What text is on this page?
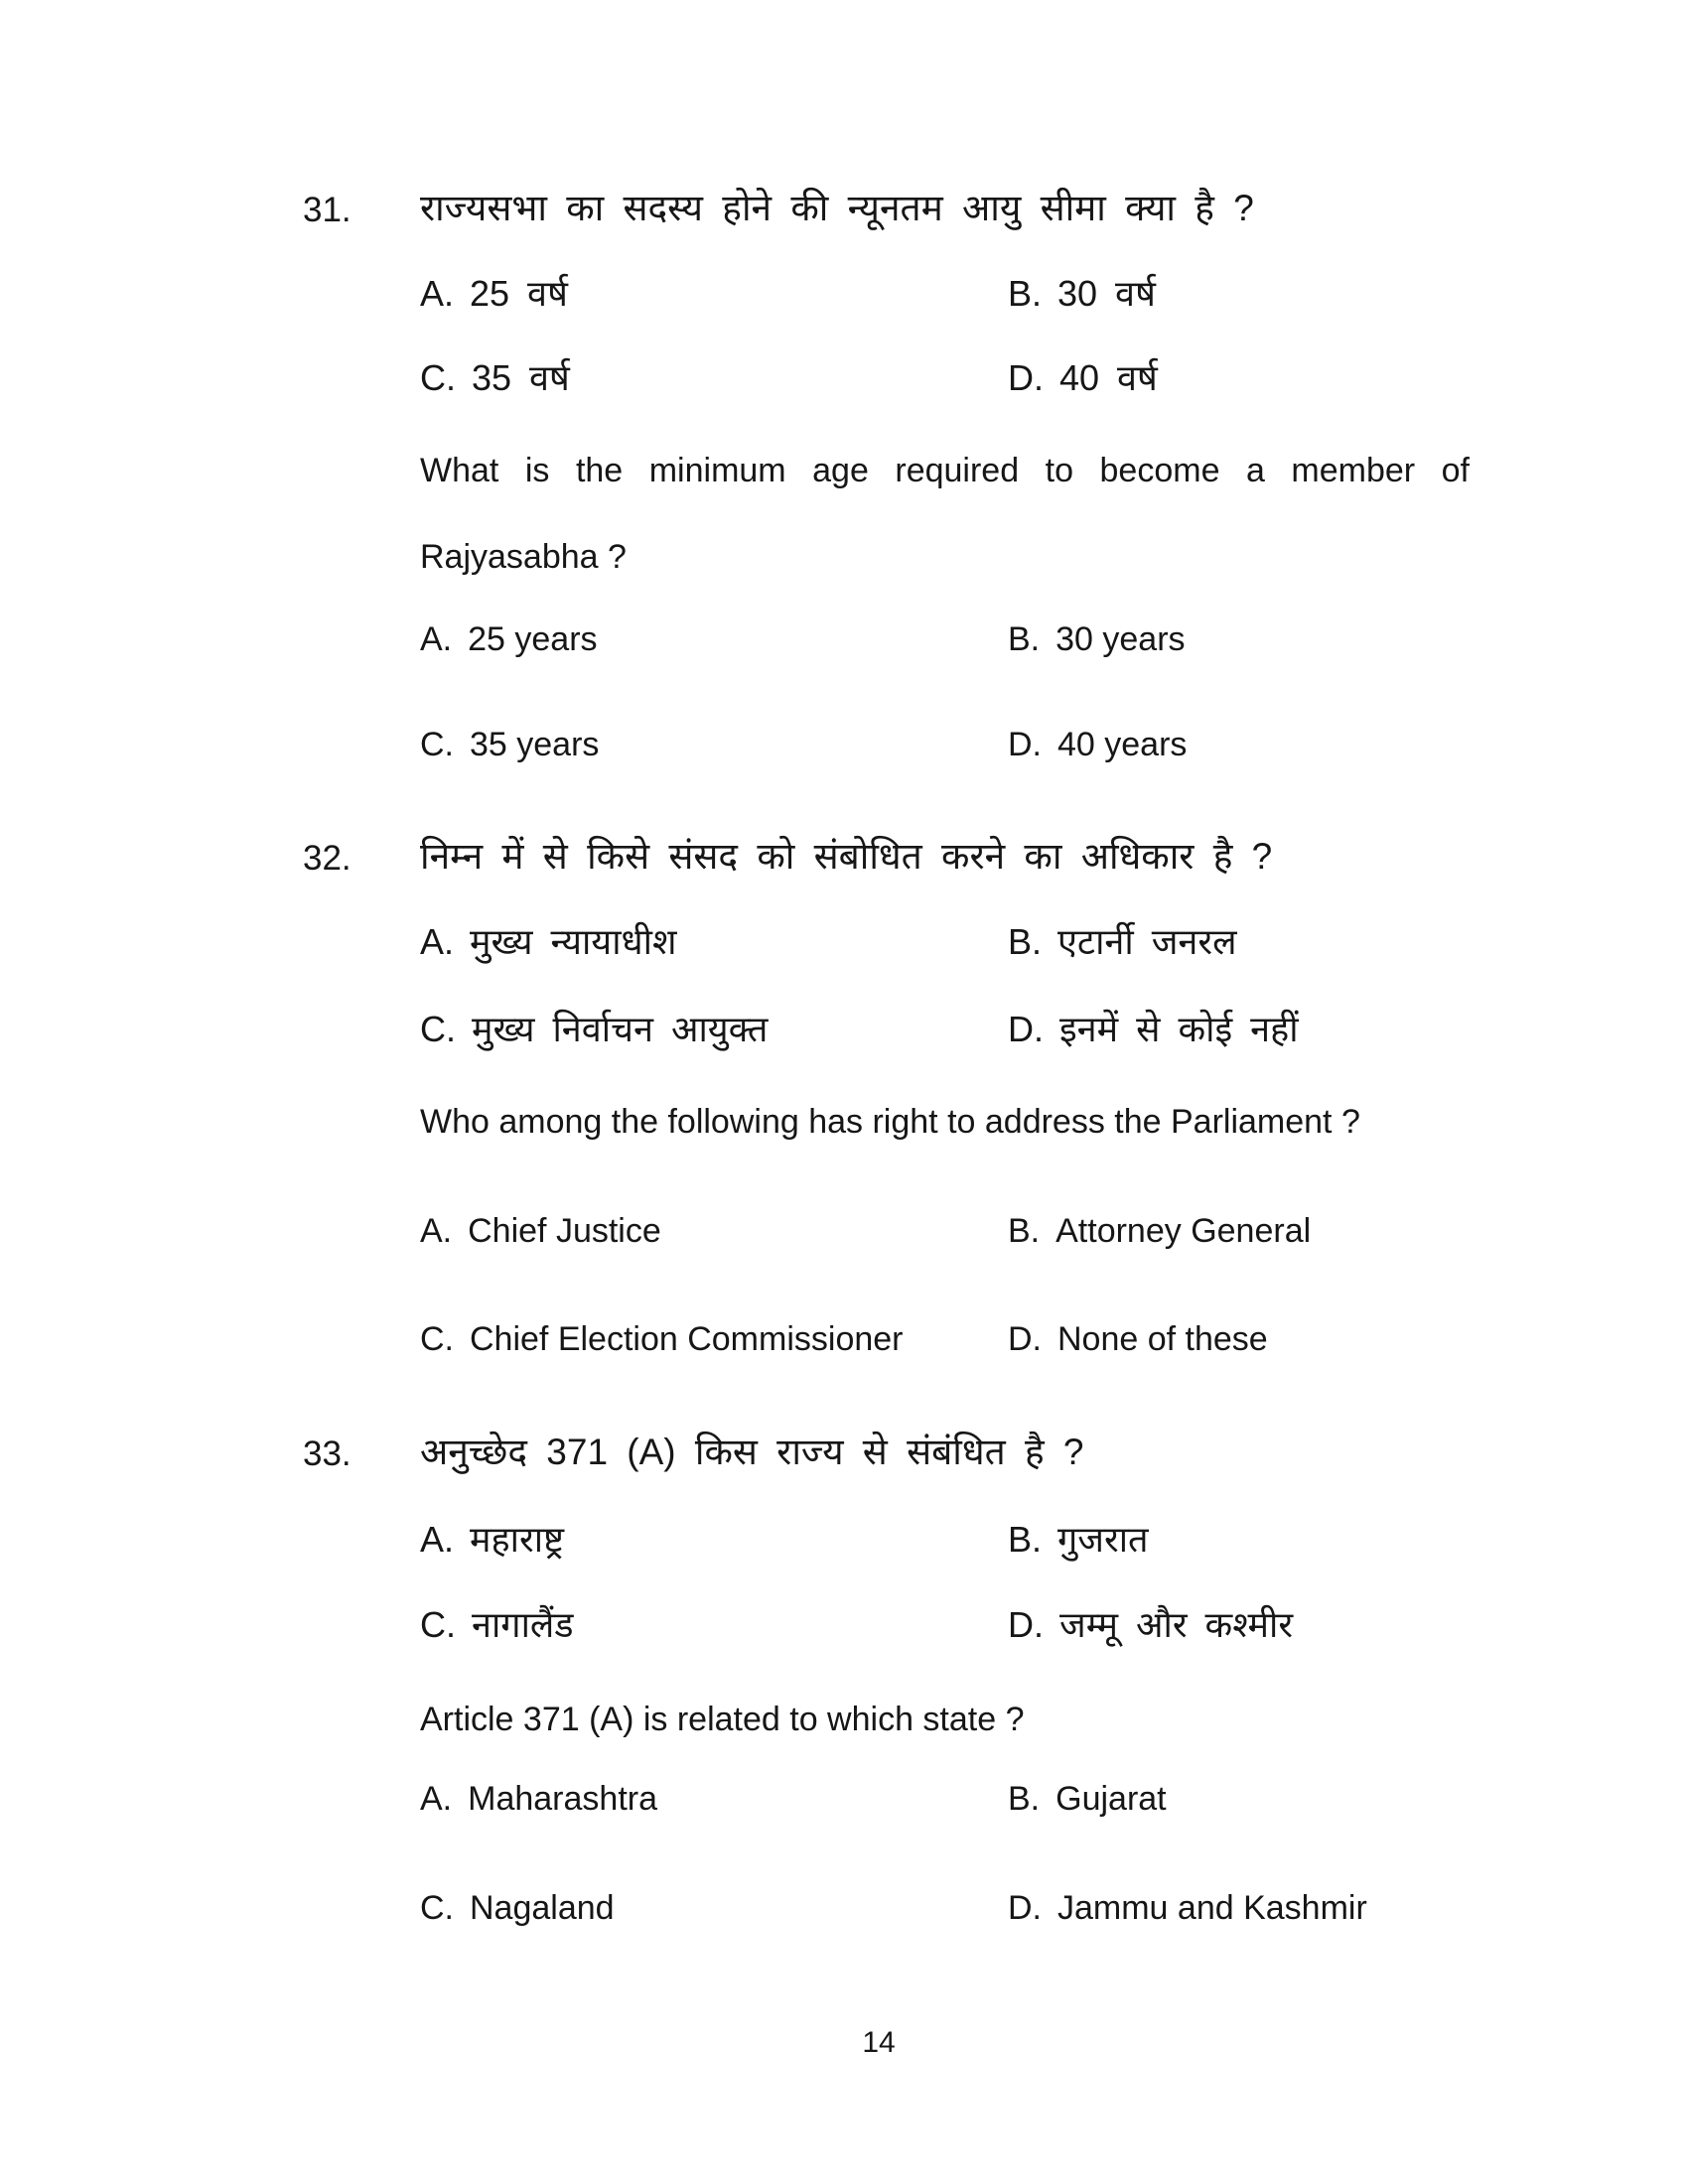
31. राज्यसभा का सदस्य होने की न्यूनतम आयु सीमा क्या है ?
A. 25 वर्ष	B. 30 वर्ष
C. 35 वर्ष	D. 40 वर्ष
What is the minimum age required to become a member of
Rajyasabha ?
A. 25 years	B. 30 years
C. 35 years	D. 40 years
32. निम्न में से किसे संसद को संबोधित करने का अधिकार है ?
A. मुख्य न्यायाधीश	B. एटार्नी जनरल
C. मुख्य निर्वाचन आयुक्त	D. इनमें से कोई नहीं
Who among the following has right to address the Parliament ?
A. Chief Justice	B. Attorney General
C. Chief Election Commissioner	D. None of these
33. अनुच्छेद 371 (A) किस राज्य से संबंधित है ?
A. महाराष्ट्र	B. गुजरात
C. नागालैंड	D. जम्मू और कश्मीर
Article 371 (A) is related to which state ?
A. Maharashtra	B. Gujarat
C. Nagaland	D. Jammu and Kashmir
14
